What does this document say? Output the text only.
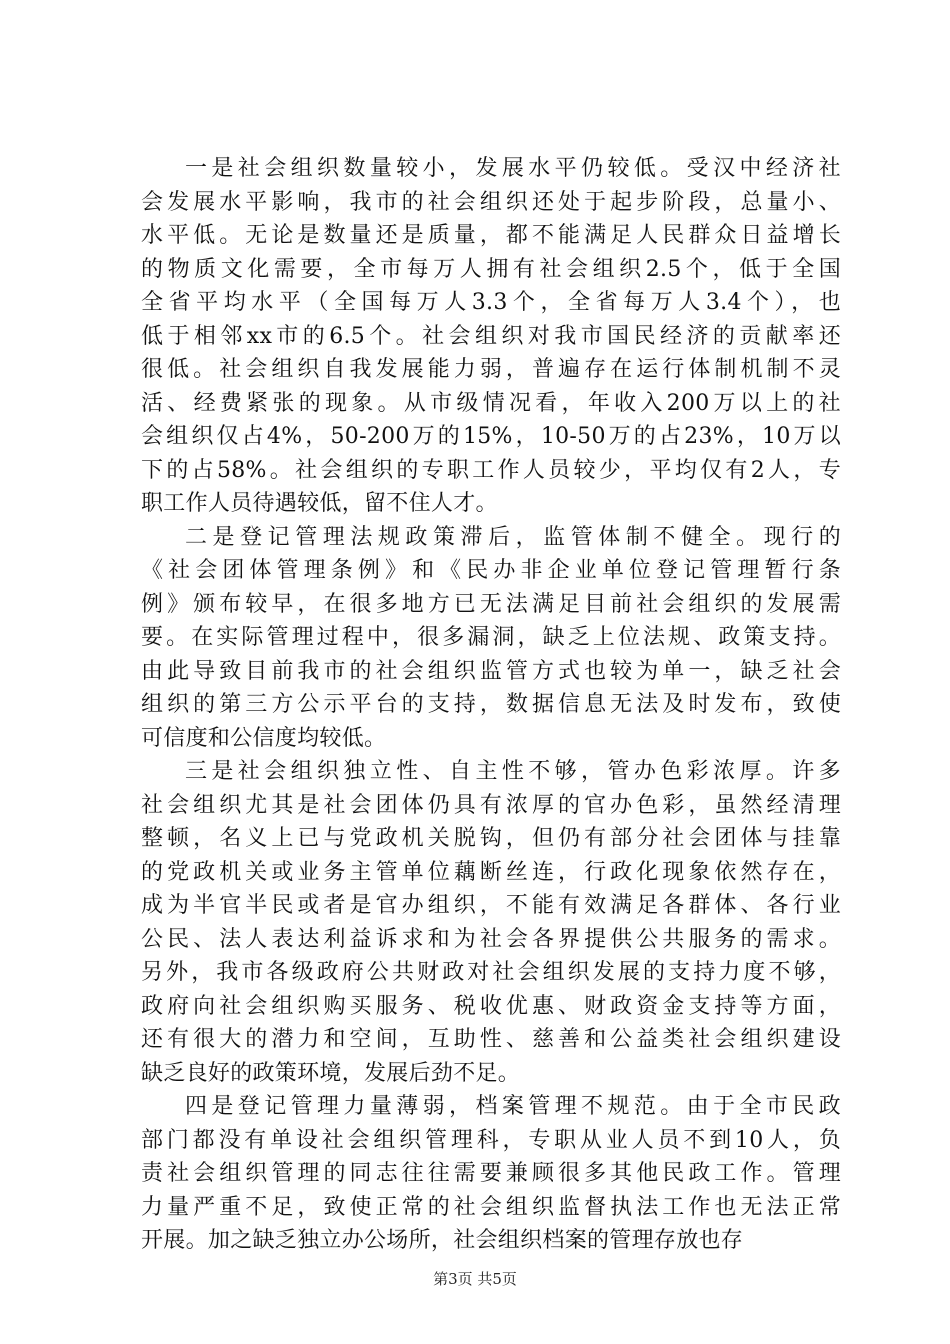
一是社会组织数量较小，发展水平仍较低。受汉中经济社
会发展水平影响，我市的社会组织还处于起步阶段，总量小、
水平低。无论是数量还是质量，都不能满足人民群众日益增长
的物质文化需要，全市每万人拥有社会组织2.5个，低于全国
全省平均水平（全国每万人3.3个，全省每万人3.4个），也
低于相邻xx市的6.5个。社会组织对我市国民经济的贡献率还
很低。社会组织自我发展能力弱，普遍存在运行体制机制不灵
活、经费紧张的现象。从市级情况看，年收入200万以上的社
会组织仅占4%，50-200万的15%，10-50万的占23%，10万以
下的占58%。社会组织的专职工作人员较少，平均仅有2人，专
职工作人员待遇较低，留不住人才。
二是登记管理法规政策滞后，监管体制不健全。现行的
《社会团体管理条例》和《民办非企业单位登记管理暂行条
例》颁布较早，在很多地方已无法满足目前社会组织的发展需
要。在实际管理过程中，很多漏洞，缺乏上位法规、政策支持。
由此导致目前我市的社会组织监管方式也较为单一，缺乏社会
组织的第三方公示平台的支持，数据信息无法及时发布，致使
可信度和公信度均较低。
三是社会组织独立性、自主性不够，管办色彩浓厚。许多
社会组织尤其是社会团体仍具有浓厚的官办色彩，虽然经清理
整顿，名义上已与党政机关脱钩，但仍有部分社会团体与挂靠
的党政机关或业务主管单位藕断丝连，行政化现象依然存在，
成为半官半民或者是官办组织，不能有效满足各群体、各行业
公民、法人表达利益诉求和为社会各界提供公共服务的需求。
另外，我市各级政府公共财政对社会组织发展的支持力度不够，
政府向社会组织购买服务、税收优惠、财政资金支持等方面，
还有很大的潜力和空间，互助性、慈善和公益类社会组织建设
缺乏良好的政策环境，发展后劲不足。
四是登记管理力量薄弱，档案管理不规范。由于全市民政
部门都没有单设社会组织管理科，专职从业人员不到10人，负
责社会组织管理的同志往往需要兼顾很多其他民政工作。管理
力量严重不足，致使正常的社会组织监督执法工作也无法正常
开展。加之缺乏独立办公场所，社会组织档案的管理存放也存
第3页 共5页
